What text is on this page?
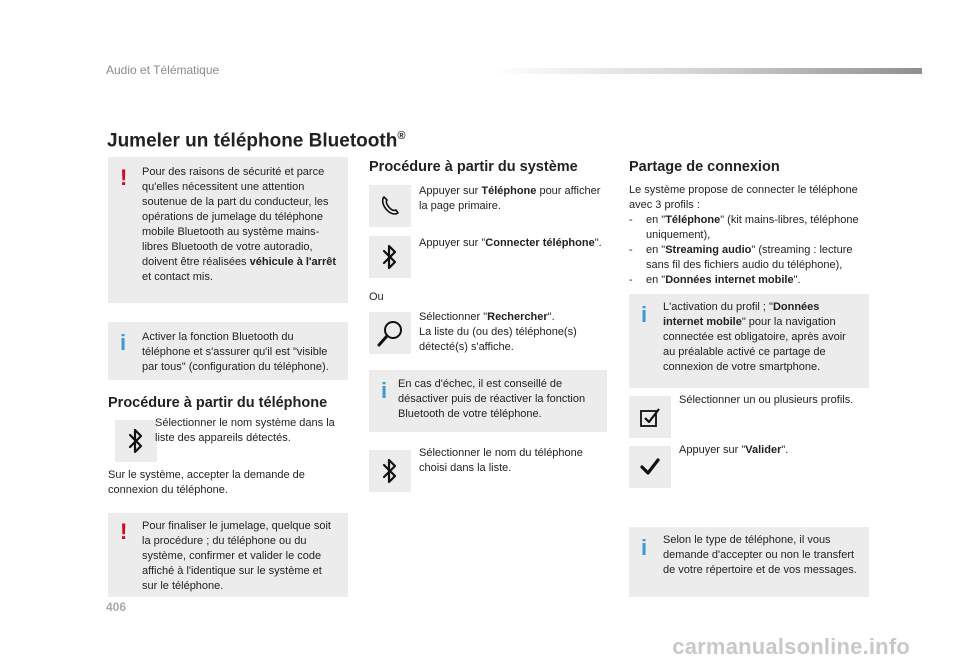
Audio et Télématique
Jumeler un téléphone Bluetooth®
! Pour des raisons de sécurité et parce qu'elles nécessitent une attention soutenue de la part du conducteur, les opérations de jumelage du téléphone mobile Bluetooth au système mains-libres Bluetooth de votre autoradio, doivent être réalisées véhicule à l'arrêt et contact mis.
i Activer la fonction Bluetooth du téléphone et s'assurer qu'il est "visible par tous" (configuration du téléphone).
Procédure à partir du téléphone
Sélectionner le nom système dans la liste des appareils détectés.
Sur le système, accepter la demande de connexion du téléphone.
! Pour finaliser le jumelage, quelque soit la procédure ; du téléphone ou du système, confirmer et valider le code affiché à l'identique sur le système et sur le téléphone.
Procédure à partir du système
Appuyer sur Téléphone pour afficher la page primaire.
Appuyer sur "Connecter téléphone".
Ou
Sélectionner "Rechercher".
La liste du (ou des) téléphone(s) détecté(s) s'affiche.
i En cas d'échec, il est conseillé de désactiver puis de réactiver la fonction Bluetooth de votre téléphone.
Sélectionner le nom du téléphone choisi dans la liste.
Partage de connexion
Le système propose de connecter le téléphone avec 3 profils :
-	en "Téléphone" (kit mains-libres, téléphone uniquement),
-	en "Streaming audio" (streaming : lecture sans fil des fichiers audio du téléphone),
-	en "Données internet mobile".
i L'activation du profil ; "Données internet mobile" pour la navigation connectée est obligatoire, après avoir au préalable activé ce partage de connexion de votre smartphone.
Sélectionner un ou plusieurs profils.
Appuyer sur "Valider".
i Selon le type de téléphone, il vous demande d'accepter ou non le transfert de votre répertoire et de vos messages.
406
carmanualsonline.info
